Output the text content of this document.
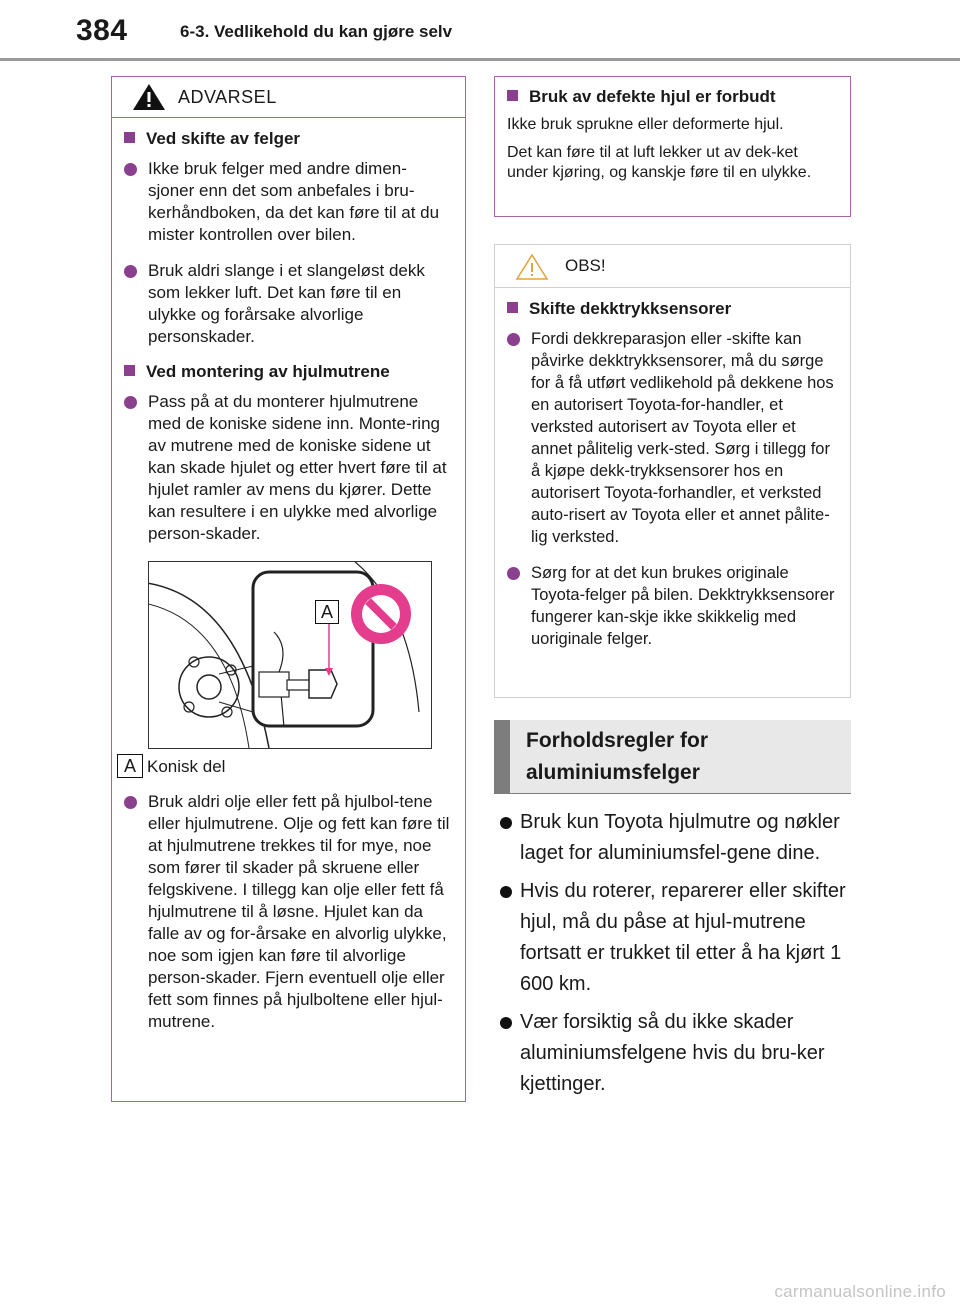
384	6-3. Vedlikehold du kan gjøre selv
ADVARSEL
Ved skifte av felger
Ikke bruk felger med andre dimen-sjoner enn det som anbefales i bru-kerhåndboken, da det kan føre til at du mister kontrollen over bilen.
Bruk aldri slange i et slangeløst dekk som lekker luft. Det kan føre til en ulykke og forårsake alvorlige personskader.
Ved montering av hjulmutrene
Pass på at du monterer hjulmutrene med de koniske sidene inn. Monte-ring av mutrene med de koniske sidene ut kan skade hjulet og etter hvert føre til at hjulet ramler av mens du kjører. Dette kan resultere i en ulykke med alvorlige person-skader.
A
A Konisk del
Bruk aldri olje eller fett på hjulbol-tene eller hjulmutrene. Olje og fett kan føre til at hjulmutrene trekkes til for mye, noe som fører til skader på skruene eller felgskivene. I tillegg kan olje eller fett få hjulmutrene til å løsne. Hjulet kan da falle av og for-årsake en alvorlig ulykke, noe som igjen kan føre til alvorlige person-skader. Fjern eventuell olje eller fett som finnes på hjulboltene eller hjul-mutrene.
Bruk av defekte hjul er forbudt
Ikke bruk sprukne eller deformerte hjul.
Det kan føre til at luft lekker ut av dek-ket under kjøring, og kanskje føre til en ulykke.
OBS!
Skifte dekktrykksensorer
Fordi dekkreparasjon eller -skifte kan påvirke dekktrykksensorer, må du sørge for å få utført vedlikehold på dekkene hos en autorisert Toyota-for-handler, et verksted autorisert av Toyota eller et annet pålitelig verk-sted. Sørg i tillegg for å kjøpe dekk-trykksensorer hos en autorisert Toyota-forhandler, et verksted auto-risert av Toyota eller et annet pålite-lig verksted.
Sørg for at det kun brukes originale Toyota-felger på bilen. Dekktrykksensorer fungerer kan-skje ikke skikkelig med uoriginale felger.
Forholdsregler for
aluminiumsfelger
Bruk kun Toyota hjulmutre og nøkler laget for aluminiumsfel-gene dine.
Hvis du roterer, reparerer eller skifter hjul, må du påse at hjul-mutrene fortsatt er trukket til etter å ha kjørt 1 600 km.
Vær forsiktig så du ikke skader aluminiumsfelgene hvis du bru-ker kjettinger.
carmanualsonline.info
